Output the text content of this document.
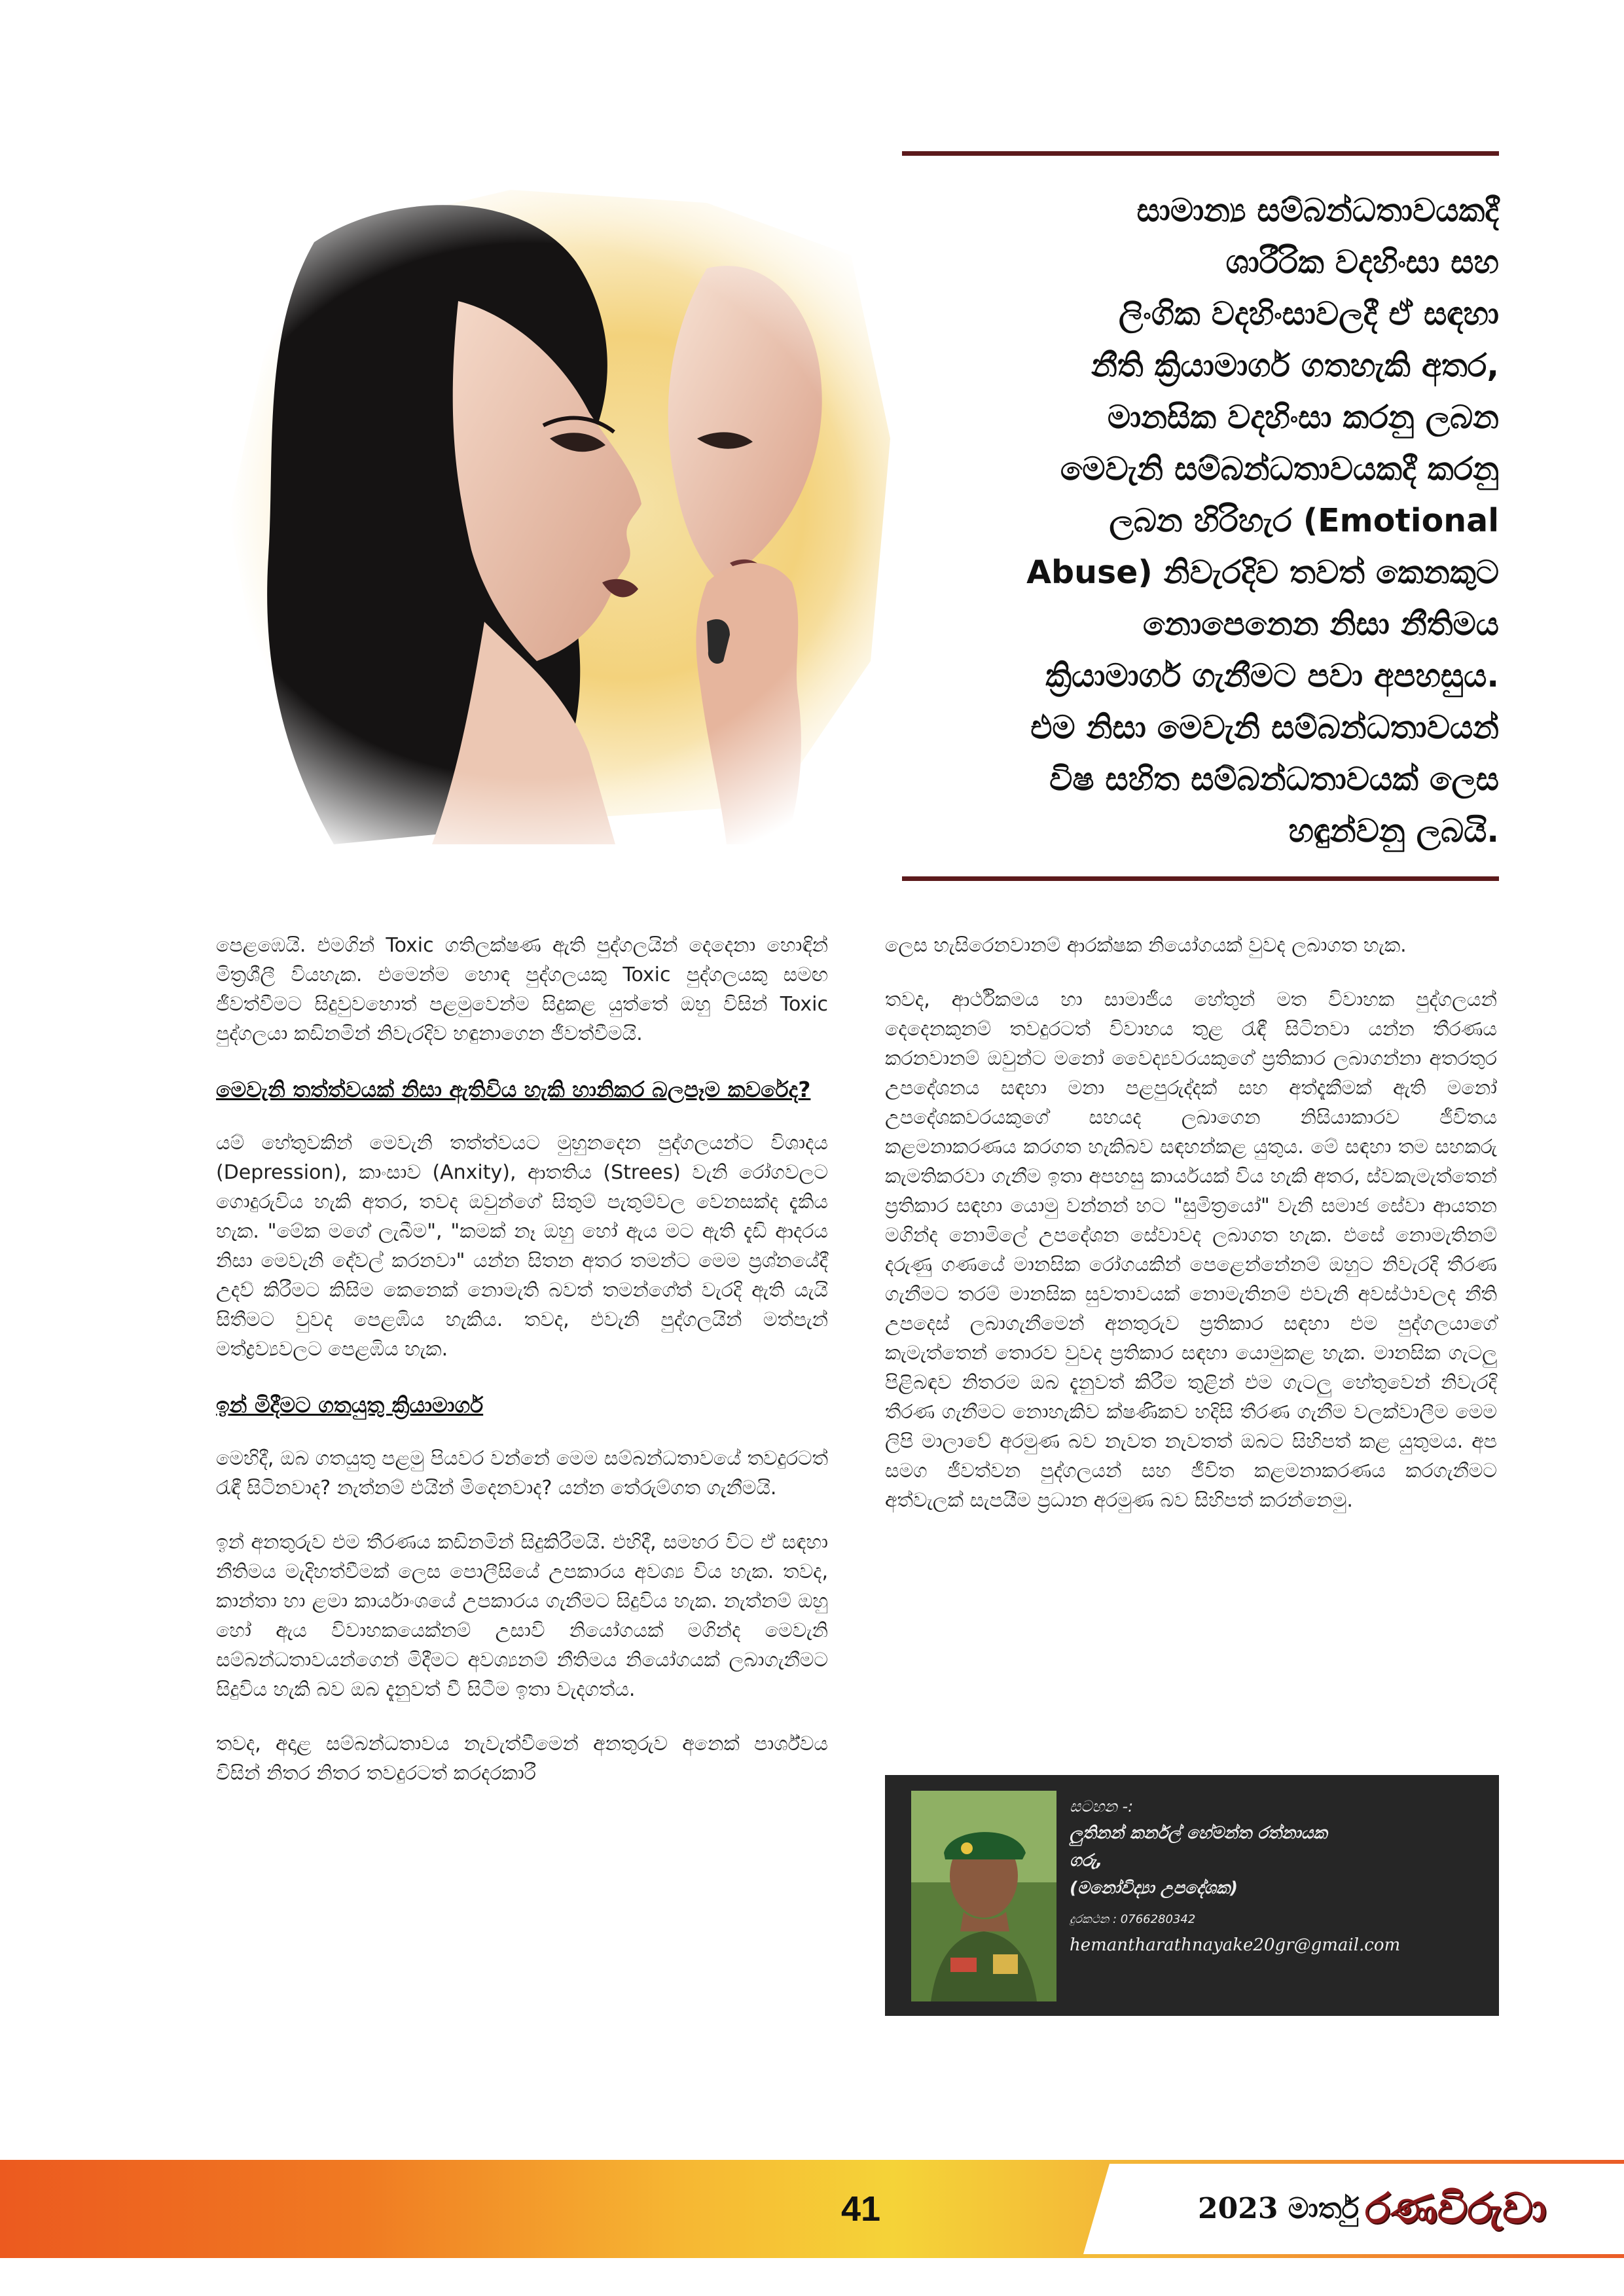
සාමාන්‍ය සම්බන්ධතාවයකදී
ශාරීරික වදහිංසා සහ
ලිංගික වදහිංසාවලදී ඒ සඳහා
නීති ක්‍රියාමාර්ග ගතහැකි අතර,
මානසික වදහිංසා කරනු ලබන
මෙවැනි සම්බන්ධතාවයකදී කරනු
ලබන හිරිහැර (Emotional
Abuse) නිවැරදිව තවත් කෙනකුට
නොපෙනෙන නිසා නීතිමය
ක්‍රියාමාර්ග ගැනීමට පවා අපහසුය.
එම නිසා මෙවැනි සම්බන්ධතාවයන්
විෂ සහිත සම්බන්ධතාවයක් ලෙස
හඳුන්වනු ලබයි.

පෙළඹෙයි. එමගින් Toxic ගතිලක්ෂණ ඇති පුද්ගලයින් දෙදෙනා හොඳින් මිත්‍රශීලී වියහැක. එමෙන්ම හොඳ පුද්ගලයකු Toxic පුද්ගලයකු සමඟ ජීවත්වීමට සිදුවුවහොත් පළමුවෙන්ම සිදුකළ යුත්තේ ඔහු විසින් Toxic පුද්ගලයා කඩිනමින් නිවැරදිව හඳුනාගෙන ජීවත්වීමයි.

මෙවැනි තත්ත්වයක් නිසා ඇතිවිය හැකි හානිකර බලපෑම කවරේද?

යම් හේතුවකින් මෙවැනි තත්ත්වයට මුහුනදෙන පුද්ගලයන්ට විශාදය (Depression), කාංසාව (Anxity), ආතතිය (Strees) වැනි රෝගවලට ගොදුරුවිය හැකි අතර, තවද ඔවුන්ගේ සිතුම් පැතුම්වල වෙනසක්ද දැකිය හැක. "මේක මගේ ලැබීම", "කමක් නෑ ඔහු හෝ ඇය මට ඇති දැඩි ආදරය නිසා මෙවැනි දේවල් කරනවා" යන්න සිතන අතර තමන්ට මෙම ප්‍රශ්නයේදී උදව් කිරීමට කිසිම කෙනෙක් නොමැති බවත් තමන්ගේත් වැරදි ඇති යැයි සිතීමට වුවද පෙළඹිය හැකිය. තවද, එවැනි පුද්ගලයින් මත්පැන් මත්ද්‍රව්‍යවලට පෙළඹිය හැක.

ඉන් මිදීමට ගතයුතු ක්‍රියාමාර්ග

මෙහිදී, ඔබ ගතයුතු පළමු පියවර වන්නේ මෙම සම්බන්ධතාවයේ තවදුරටත් රැඳී සිටිනවාද? නැත්නම් එයින් මිදෙනවාද? යන්න තේරුම්ගත ගැනීමයි.

ඉන් අනතුරුව එම තීරණය කඩිනමින් සිදුකිරීමයි. එහිදී, සමහර විට ඒ සඳහා නීතිමය මැදිහත්වීමක් ලෙස පොලීසියේ උපකාරය අවශ්‍ය විය හැක. තවද, කාන්තා හා ළමා කාර්යාංශයේ උපකාරය ගැනීමට සිදුවිය හැක. නැත්නම් ඔහු හෝ ඇය විවාහකයෙක්නම් උසාවි නියෝගයක් මගින්ද මෙවැනි සම්බන්ධතාවයන්ගෙන් මිදීමට අවශ්‍යනම් නීතිමය නියෝගයක් ලබාගැනීමට සිදුවිය හැකි බව ඔබ දැනුවත් වී සිටීම ඉතා වැදගත්ය.

තවද, අදාළ සම්බන්ධතාවය නැවැත්වීමෙන් අනතුරුව අනෙක් පාර්ශ්වය විසින් නිතර නිතර තවදුරටත් කරදරකාරී

ලෙස හැසිරෙනවානම් ආරක්ෂක නියෝගයක් වුවද ලබාගත හැක.

තවද, ආර්ථිකමය හා සාමාජීය හේතුන් මත විවාහක පුද්ගලයන් දෙදෙනකුනම් තවදුරටත් විවාහය තුළ රැඳී සිටිනවා යන්න තීරණය කරනවානම් ඔවුන්ට මනෝ වෛද්‍යවරයකුගේ ප්‍රතිකාර ලබාගන්නා අතරතුර උපදේශනය සඳහා මනා පළපුරුද්දක් සහ අත්දැකීමක් ඇති මනෝ උපදේශකවරයකුගේ සහයද ලබාගෙන නිසියාකාරව ජීවිතය කළමනාකරණය කරගත හැකිබව සඳහන්කළ යුතුය. මේ සඳහා තම සහකරු කැමතිකරවා ගැනීම ඉතා අපහසු කාර්යයක් විය හැකි අතර, ස්වකැමැත්තෙන් ප්‍රතිකාර සඳහා යොමු වන්නන් හට "සුමිත්‍රයෝ" වැනි සමාජ සේවා ආයතන මගින්ද නොමිලේ උපදේශන සේවාවද ලබාගත හැක. එසේ නොමැතිනම් දරුණු ගණයේ මානසික රෝගයකින් පෙළෙන්නේනම් ඔහුට නිවැරදි තීරණ ගැනීමට තරම් මානසික සුවතාවයක් නොමැතිනම් එවැනි අවස්ථාවලද නීති උපදෙස් ලබාගැනීමෙන් අනතුරුව ප්‍රතිකාර සඳහා එම පුද්ගලයාගේ කැමැත්තෙන් තොරව වුවද ප්‍රතිකාර සඳහා යොමුකළ හැක. මානසික ගැටලු පිළිබඳව නිතරම ඔබ දැනුවත් කිරීම තුළින් එම ගැටලු හේතුවෙන් නිවැරදි තීරණ ගැනීමට නොහැකිව ක්ෂණිකව හදිසි තීරණ ගැනීම වලක්වාලීම මෙම ලිපි මාලාවේ අරමුණ බව නැවත නැවතත් ඔබට සිහිපත් කළ යුතුමය. අප සමග ජීවත්වන පුද්ගලයන් සහ ජීවිත කළමනාකරණය කරගැනීමට අත්වැලක් සැපයීම ප්‍රධාන අරමුණ බව සිහිපත් කරන්නෙමු.

සටහන -:
ලුතිනන් කර්නල් හේමන්ත රත්නායක
ගරු,
(මනෝවිද්‍යා උපදේශක)
දුරකථන : 0766280342
hemantharathnayake20gr@gmail.com
41	2023 මාර්තු රණවිරුවා
